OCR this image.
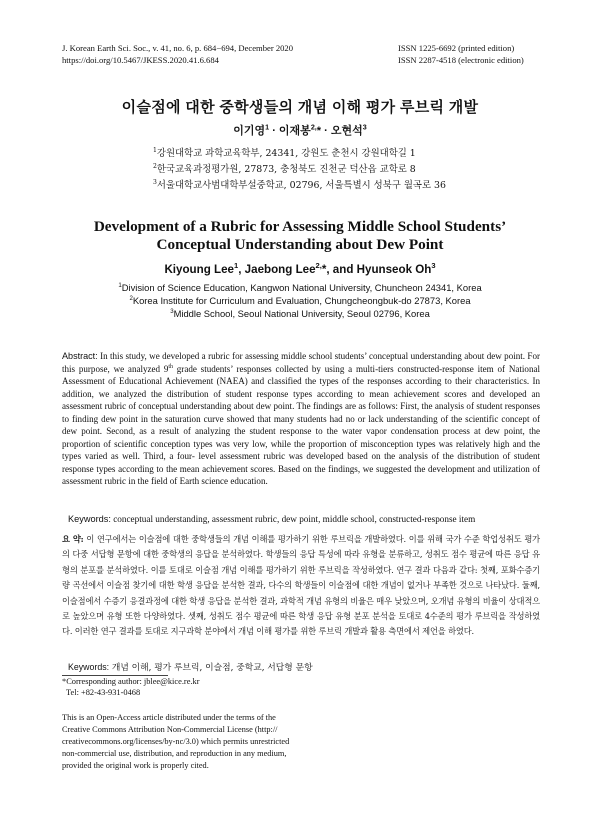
J. Korean Earth Sci. Soc., v. 41, no. 6, p. 684−694, December 2020
https://doi.org/10.5467/JKESS.2020.41.6.684
ISSN 1225-6692 (printed edition)
ISSN 2287-4518 (electronic edition)
이슬점에 대한 중학생들의 개념 이해 평가 루브릭 개발
이기영$^1$ · 이재봉$^{2,}$* · 오현석$^3$
$^1$강원대학교 과학교육학부, 24341, 강원도 춘천시 강원대학길 1
$^2$한국교육과정평가원, 27873, 충청북도 진천군 덕산읍 교학로 8
$^3$서울대학교사범대학부설중학교, 02796, 서울특별시 성북구 월곡로 36
Development of a Rubric for Assessing Middle School Students’
Conceptual Understanding about Dew Point
Kiyoung Lee$^1$, Jaebong Lee$^{2,}$*, and Hyunseok Oh$^3$
$^1$Division of Science Education, Kangwon National University, Chuncheon 24341, Korea
$^2$Korea Institute for Curriculum and Evaluation, Chungcheongbuk-do 27873, Korea
$^3$Middle School, Seoul National University, Seoul 02796, Korea
Abstract: In this study, we developed a rubric for assessing middle school students’ conceptual understanding about dew point. For this purpose, we analyzed 9th grade students’ responses collected by using a multi-tiers constructed-response item of National Assessment of Educational Achievement (NAEA) and classified the types of the responses according to their characteristics. In addition, we analyzed the distribution of student response types according to mean achievement scores and developed an assessment rubric of conceptual understanding about dew point. The findings are as follows: First, the analysis of student responses to finding dew point in the saturation curve showed that many students had no or lack understanding of the scientific concept of dew point. Second, as a result of analyzing the student response to the water vapor condensation process at dew point, the proportion of scientific conception types was very low, while the proportion of misconception types was relatively high and the types varied as well. Third, a four- level assessment rubric was developed based on the analysis of the distribution of student response types according to the mean achievement scores. Based on the findings, we suggested the development and utilization of assessment rubric in the field of Earth science education.
Keywords: conceptual understanding, assessment rubric, dew point, middle school, constructed-response item
요 약: 이 연구에서는 이슬점에 대한 중학생들의 개념 이해를 평가하기 위한 루브릭을 개발하였다. 이를 위해 국가 수준 학업성취도 평가의 다중 서답형 문항에 대한 중학생의 응답을 분석하였다. 학생들의 응답 특성에 따라 유형을 분류하고, 성취도 점수 평균에 따른 응답 유형의 분포를 분석하였다. 이를 토대로 이슬점 개념 이해를 평가하기 위한 루브릭을 작성하였다. 연구 결과 다음과 같다: 첫째, 포화수증기량 곡선에서 이슬점 찾기에 대한 학생 응답을 분석한 결과, 다수의 학생들이 이슬점에 대한 개념이 없거나 부족한 것으로 나타났다. 둘째, 이슬점에서 수증기 응결과정에 대한 학생 응답을 분석한 결과, 과학적 개념 유형의 비율은 매우 낮았으며, 오개념 유형의 비율이 상대적으로 높았으며 유형 또한 다양하였다. 셋째, 성취도 점수 평균에 따른 학생 응답 유형 분포 분석을 토대로 4수준의 평가 루브릭을 작성하였다. 이러한 연구 결과를 토대로 지구과학 분야에서 개념 이해 평가를 위한 루브릭 개발과 활용 측면에서 제언을 하였다.
Keywords: 개념 이해, 평가 루브릭, 이슬점, 중학교, 서답형 문항
*Corresponding author: jblee@kice.re.kr
Tel: +82-43-931-0468
This is an Open-Access article distributed under the terms of the
Creative Commons Attribution Non-Commercial License (http://
creativecommons.org/licenses/by-nc/3.0) which permits unrestricted
non-commercial use, distribution, and reproduction in any medium,
provided the original work is properly cited.
